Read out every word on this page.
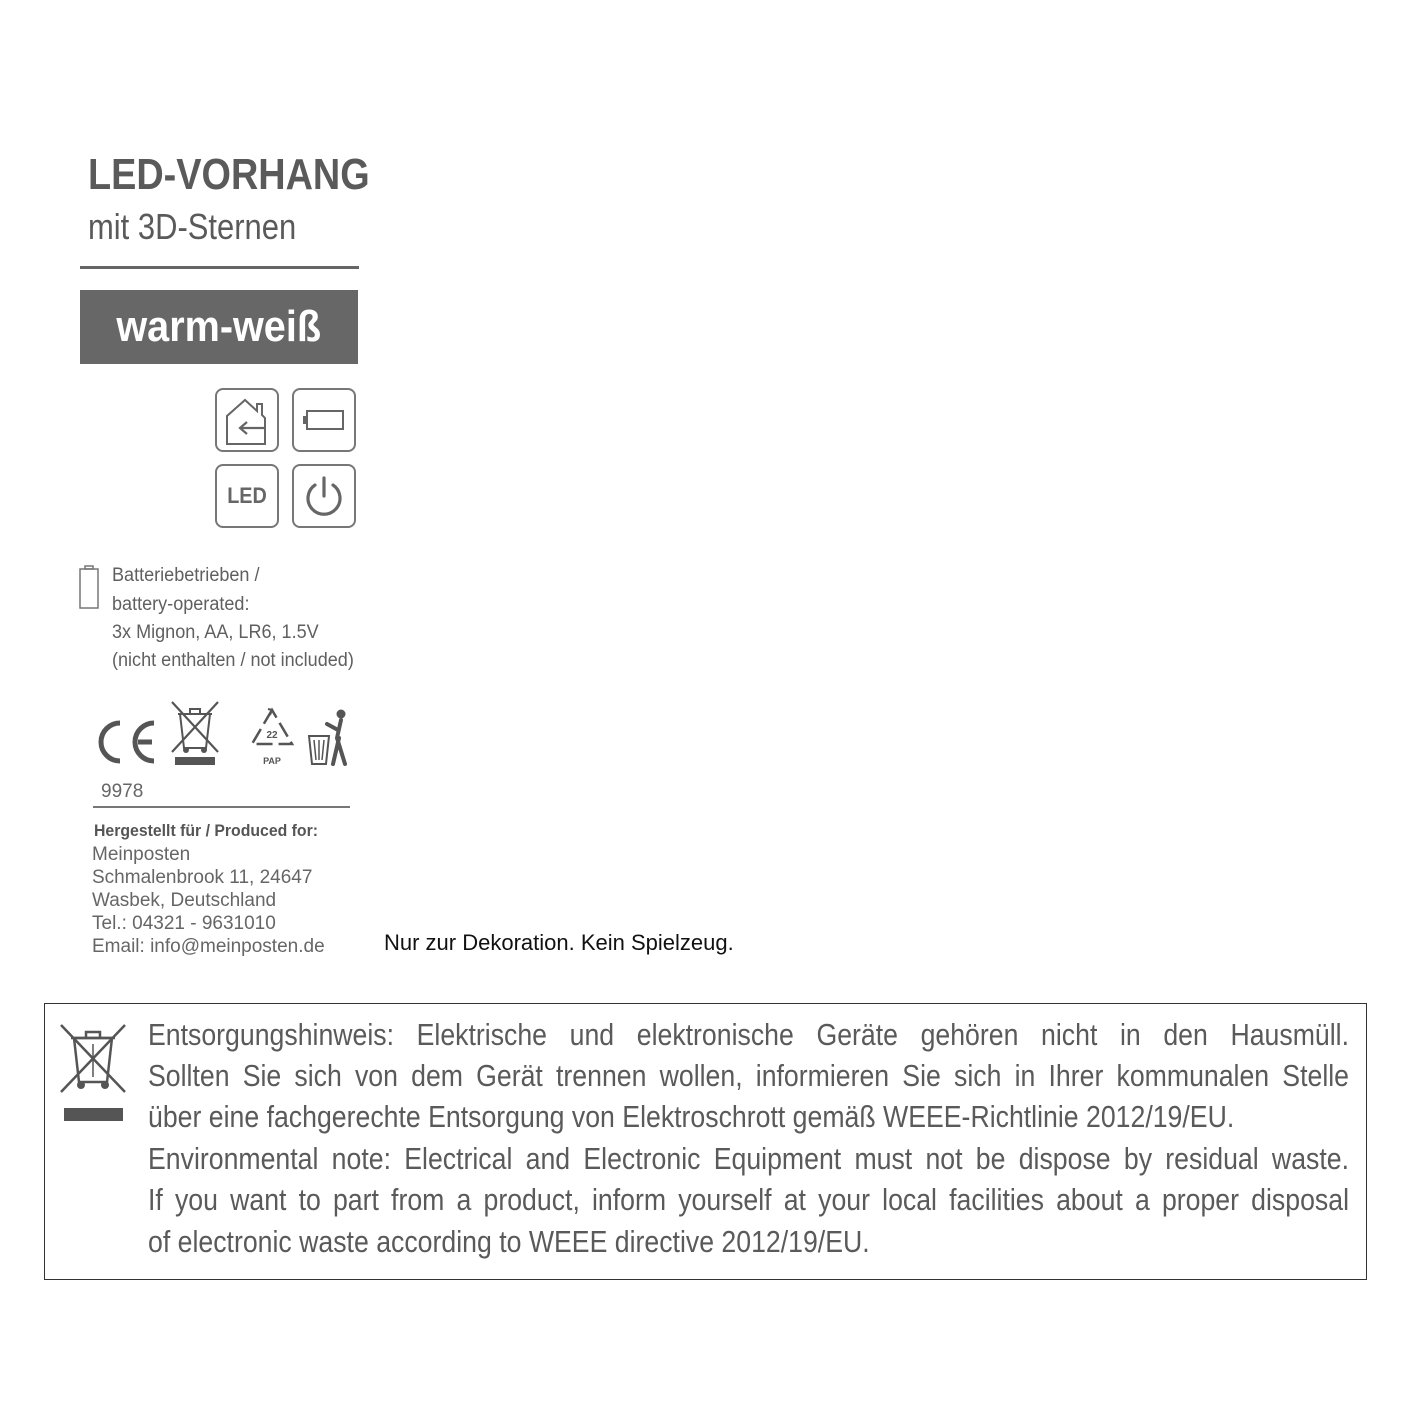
LED-VORHANG
mit 3D-Sternen
warm-weiß
LED
Batteriebetrieben /
battery-operated:
3x Mignon, AA, LR6, 1.5V
(nicht enthalten / not included)
22
PAP
9978
Hergestellt für / Produced for:
Meinposten
Schmalenbrook 11, 24647
Wasbek, Deutschland
Tel.: 04321 - 9631010
Email: info@meinposten.de	Nur zur Dekoration. Kein Spielzeug.
Entsorgungshinweis: Elektrische und elektronische Geräte gehören nicht in den Hausmüll.
Sollten Sie sich von dem Gerät trennen wollen, informieren Sie sich in Ihrer kommunalen Stelle
über eine fachgerechte Entsorgung von Elektroschrott gemäß WEEE-Richtlinie 2012/19/EU.
Environmental note: Electrical and Electronic Equipment must not be dispose by residual waste.
If you want to part from a product, inform yourself at your local facilities about a proper disposal
of electronic waste according to WEEE directive 2012/19/EU.
